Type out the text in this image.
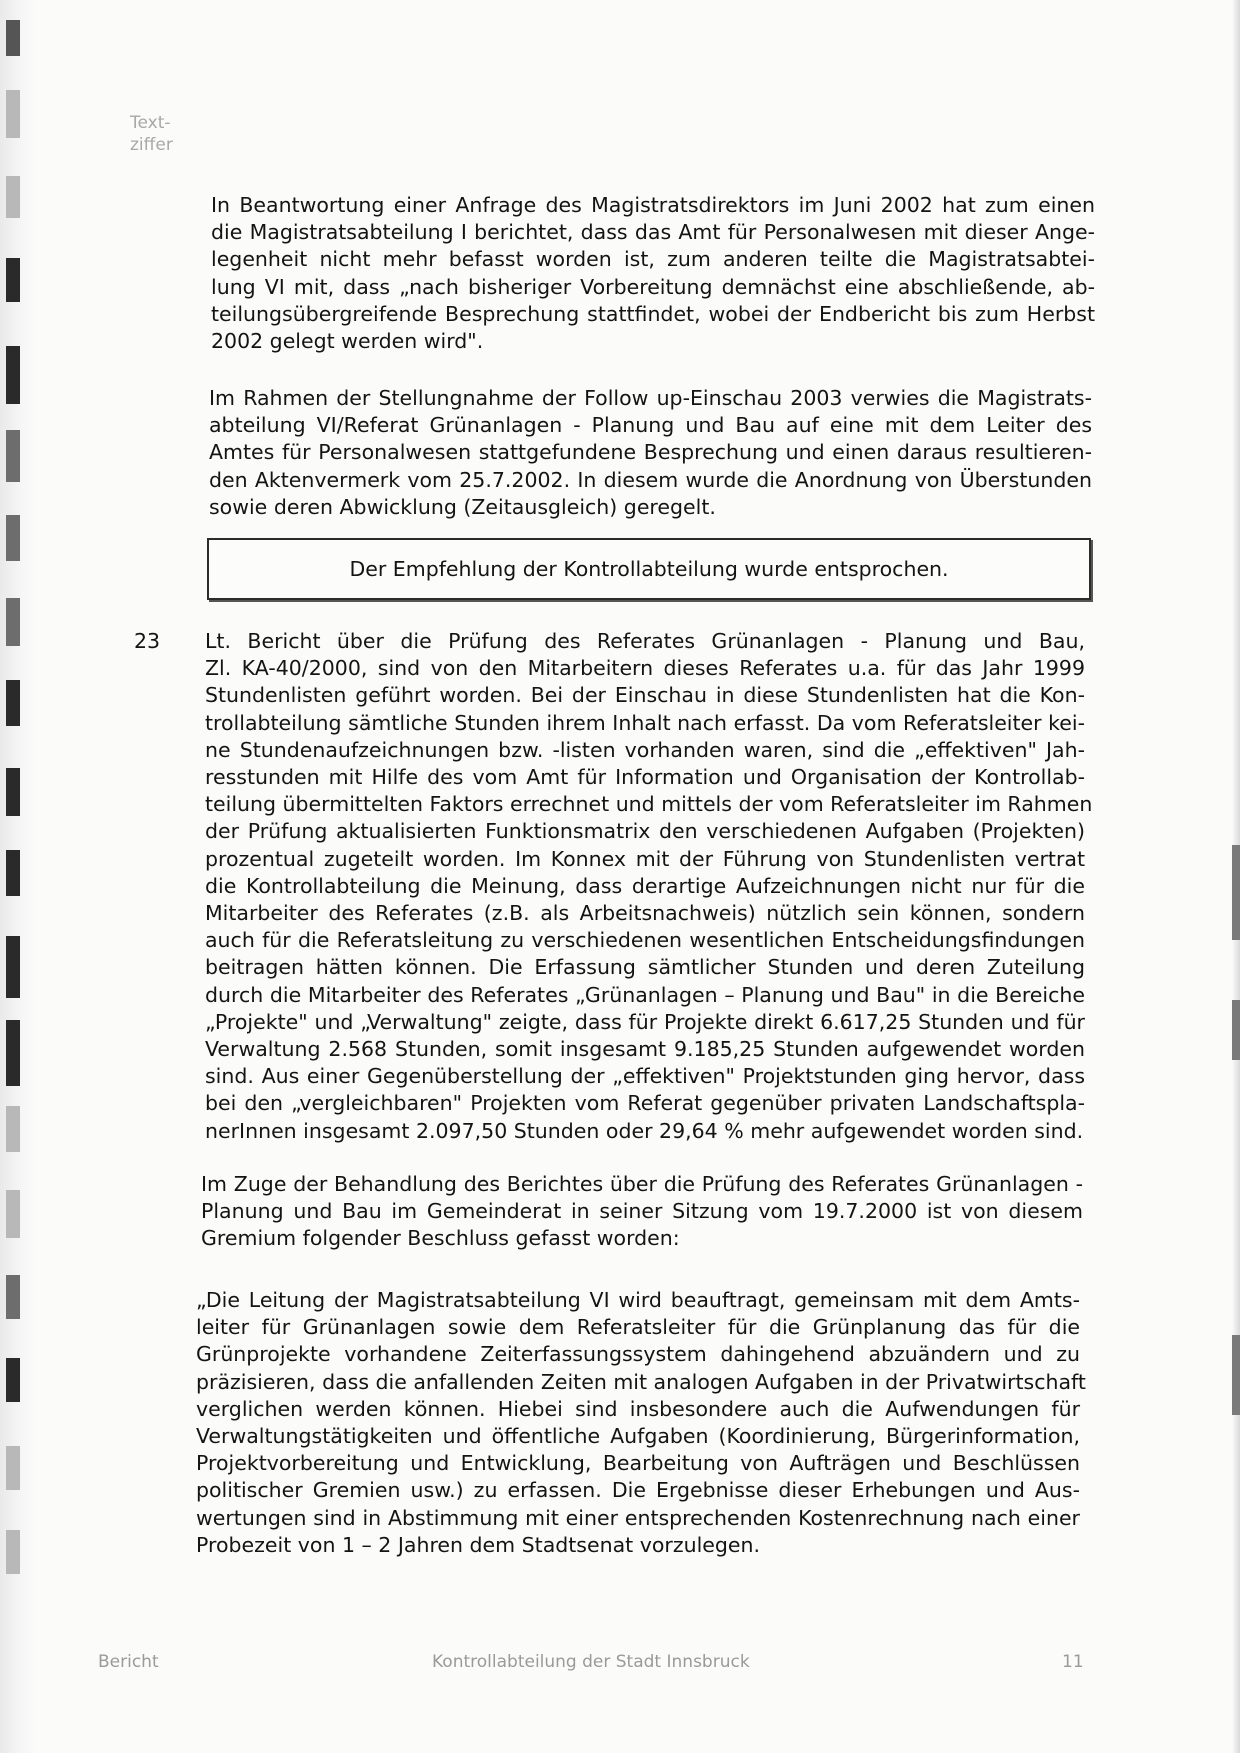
Text-
ziffer
In Beantwortung einer Anfrage des Magistratsdirektors im Juni 2002 hat zum einen
die Magistratsabteilung I berichtet, dass das Amt für Personalwesen mit dieser Ange-
legenheit nicht mehr befasst worden ist, zum anderen teilte die Magistratsabtei-
lung VI mit, dass „nach bisheriger Vorbereitung demnächst eine abschließende, ab-
teilungsübergreifende Besprechung stattfindet, wobei der Endbericht bis zum Herbst
2002 gelegt werden wird".
Im Rahmen der Stellungnahme der Follow up-Einschau 2003 verwies die Magistrats-
abteilung VI/Referat Grünanlagen - Planung und Bau auf eine mit dem Leiter des
Amtes für Personalwesen stattgefundene Besprechung und einen daraus resultieren-
den Aktenvermerk vom 25.7.2002. In diesem wurde die Anordnung von Überstunden
sowie deren Abwicklung (Zeitausgleich) geregelt.
Der Empfehlung der Kontrollabteilung wurde entsprochen.
23 Lt. Bericht über die Prüfung des Referates Grünanlagen - Planung und Bau,
Zl. KA-40/2000, sind von den Mitarbeitern dieses Referates u.a. für das Jahr 1999
Stundenlisten geführt worden. Bei der Einschau in diese Stundenlisten hat die Kon-
trollabteilung sämtliche Stunden ihrem Inhalt nach erfasst. Da vom Referatsleiter kei-
ne Stundenaufzeichnungen bzw. -listen vorhanden waren, sind die „effektiven" Jah-
resstunden mit Hilfe des vom Amt für Information und Organisation der Kontrollab-
teilung übermittelten Faktors errechnet und mittels der vom Referatsleiter im Rahmen
der Prüfung aktualisierten Funktionsmatrix den verschiedenen Aufgaben (Projekten)
prozentual zugeteilt worden. Im Konnex mit der Führung von Stundenlisten vertrat
die Kontrollabteilung die Meinung, dass derartige Aufzeichnungen nicht nur für die
Mitarbeiter des Referates (z.B. als Arbeitsnachweis) nützlich sein können, sondern
auch für die Referatsleitung zu verschiedenen wesentlichen Entscheidungsfindungen
beitragen hätten können. Die Erfassung sämtlicher Stunden und deren Zuteilung
durch die Mitarbeiter des Referates „Grünanlagen – Planung und Bau" in die Bereiche
„Projekte" und „Verwaltung" zeigte, dass für Projekte direkt 6.617,25 Stunden und für
Verwaltung 2.568 Stunden, somit insgesamt 9.185,25 Stunden aufgewendet worden
sind. Aus einer Gegenüberstellung der „effektiven" Projektstunden ging hervor, dass
bei den „vergleichbaren" Projekten vom Referat gegenüber privaten Landschaftspla-
nerInnen insgesamt 2.097,50 Stunden oder 29,64 % mehr aufgewendet worden sind.
Im Zuge der Behandlung des Berichtes über die Prüfung des Referates Grünanlagen -
Planung und Bau im Gemeinderat in seiner Sitzung vom 19.7.2000 ist von diesem
Gremium folgender Beschluss gefasst worden:
„Die Leitung der Magistratsabteilung VI wird beauftragt, gemeinsam mit dem Amts-
leiter für Grünanlagen sowie dem Referatsleiter für die Grünplanung das für die
Grünprojekte vorhandene Zeiterfassungssystem dahingehend abzuändern und zu
präzisieren, dass die anfallenden Zeiten mit analogen Aufgaben in der Privatwirtschaft
verglichen werden können. Hiebei sind insbesondere auch die Aufwendungen für
Verwaltungstätigkeiten und öffentliche Aufgaben (Koordinierung, Bürgerinformation,
Projektvorbereitung und Entwicklung, Bearbeitung von Aufträgen und Beschlüssen
politischer Gremien usw.) zu erfassen. Die Ergebnisse dieser Erhebungen und Aus-
wertungen sind in Abstimmung mit einer entsprechenden Kostenrechnung nach einer
Probezeit von 1 – 2 Jahren dem Stadtsenat vorzulegen.
Bericht	Kontrollabteilung der Stadt Innsbruck	11
